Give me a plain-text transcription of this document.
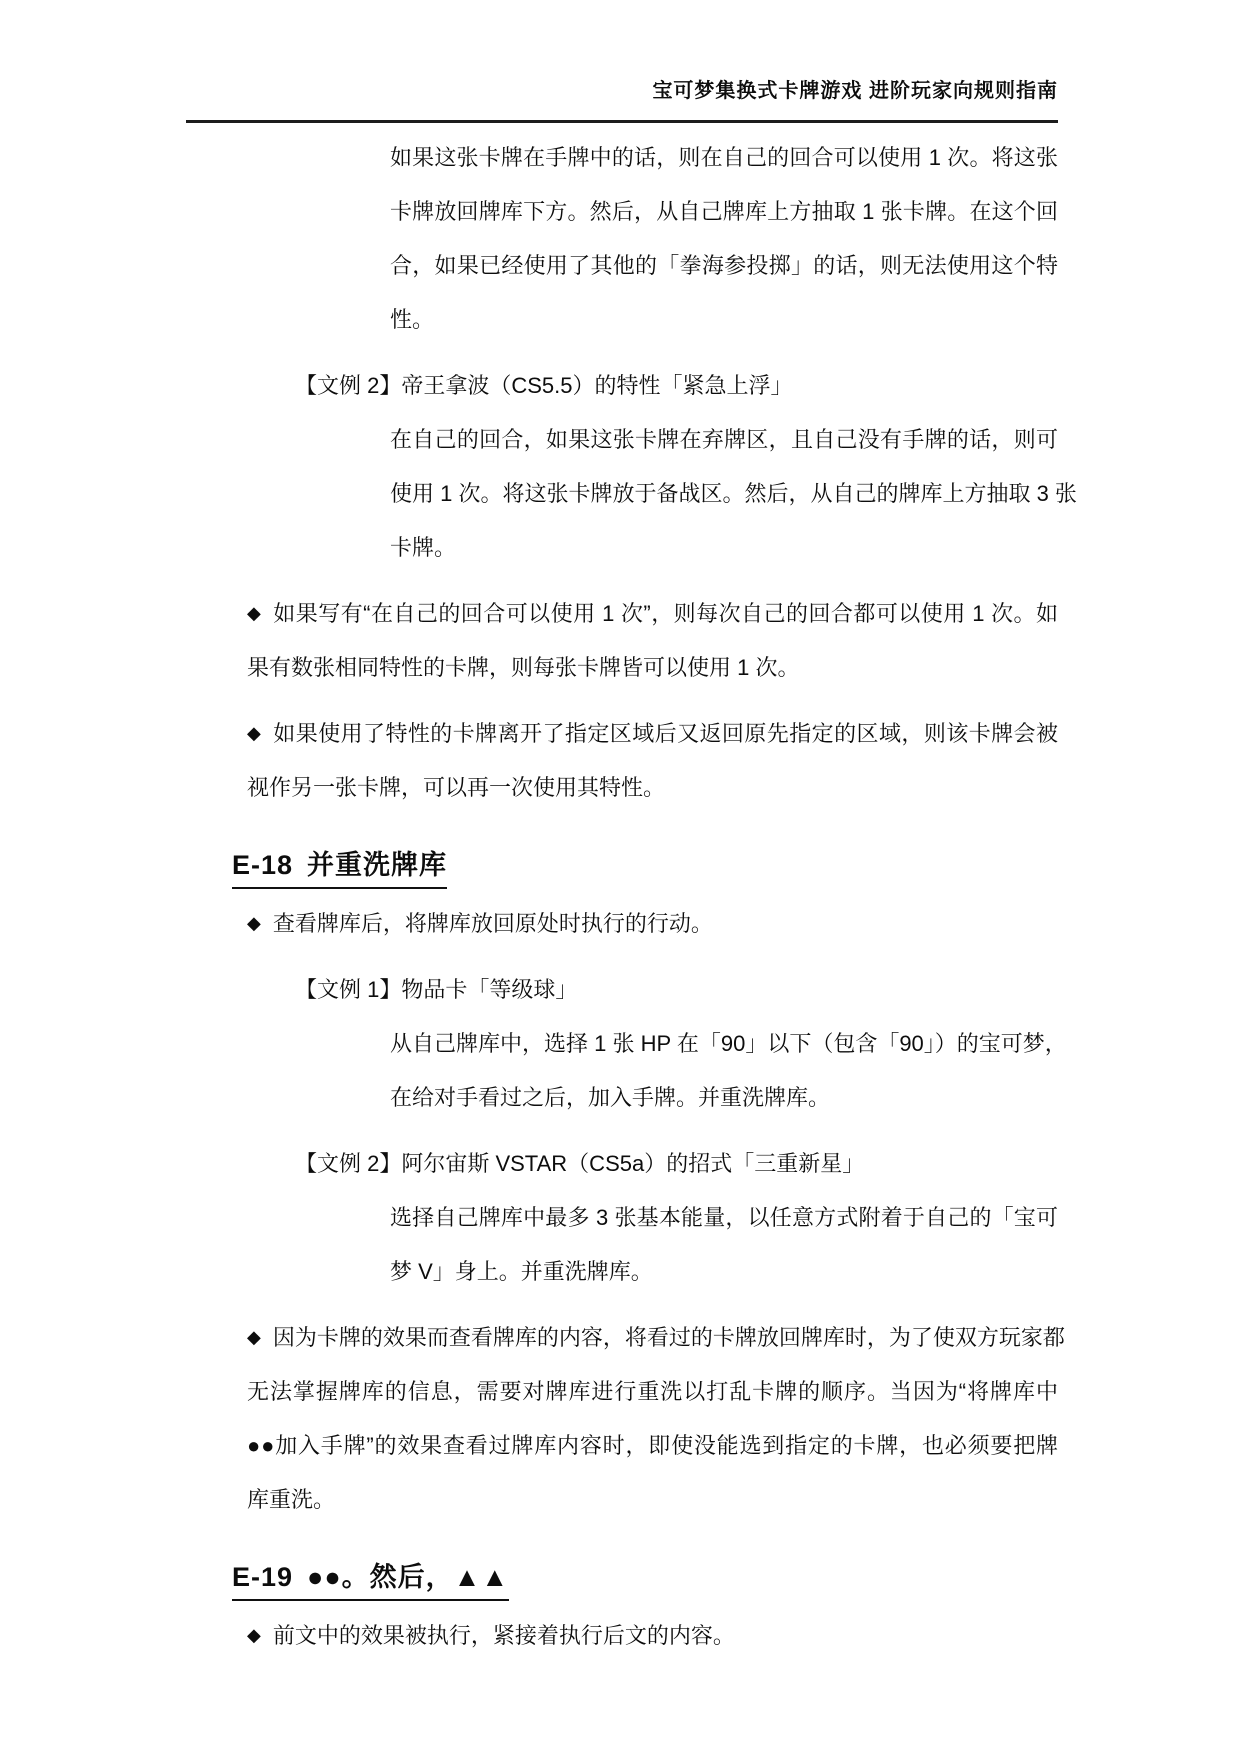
宝可梦集换式卡牌游戏 进阶玩家向规则指南
如果这张卡牌在手牌中的话，则在自己的回合可以使用 1 次。将这张
卡牌放回牌库下方。然后，从自己牌库上方抽取 1 张卡牌。在这个回
合，如果已经使用了其他的「拳海参投掷」的话，则无法使用这个特
性。
【文例 2】帝王拿波（CS5.5）的特性「紧急上浮」
在自己的回合，如果这张卡牌在弃牌区，且自己没有手牌的话，则可
使用 1 次。将这张卡牌放于备战区。然后，从自己的牌库上方抽取 3 张
卡牌。
◆ 如果写有“在自己的回合可以使用 1 次”，则每次自己的回合都可以使用 1 次。如
果有数张相同特性的卡牌，则每张卡牌皆可以使用 1 次。
◆ 如果使用了特性的卡牌离开了指定区域后又返回原先指定的区域，则该卡牌会被
视作另一张卡牌，可以再一次使用其特性。
E-18 并重洗牌库
◆ 查看牌库后，将牌库放回原处时执行的行动。
【文例 1】物品卡「等级球」
从自己牌库中，选择 1 张 HP 在「90」以下（包含「90」）的宝可梦，
在给对手看过之后，加入手牌。并重洗牌库。
【文例 2】阿尔宙斯 VSTAR（CS5a）的招式「三重新星」
选择自己牌库中最多 3 张基本能量，以任意方式附着于自己的「宝可
梦 V」身上。并重洗牌库。
◆ 因为卡牌的效果而查看牌库的内容，将看过的卡牌放回牌库时，为了使双方玩家都
无法掌握牌库的信息，需要对牌库进行重洗以打乱卡牌的顺序。当因为“将牌库中
●●加入手牌”的效果查看过牌库内容时，即使没能选到指定的卡牌，也必须要把牌
库重洗。
E-19 ●●。然后，▲▲
◆ 前文中的效果被执行，紧接着执行后文的内容。
